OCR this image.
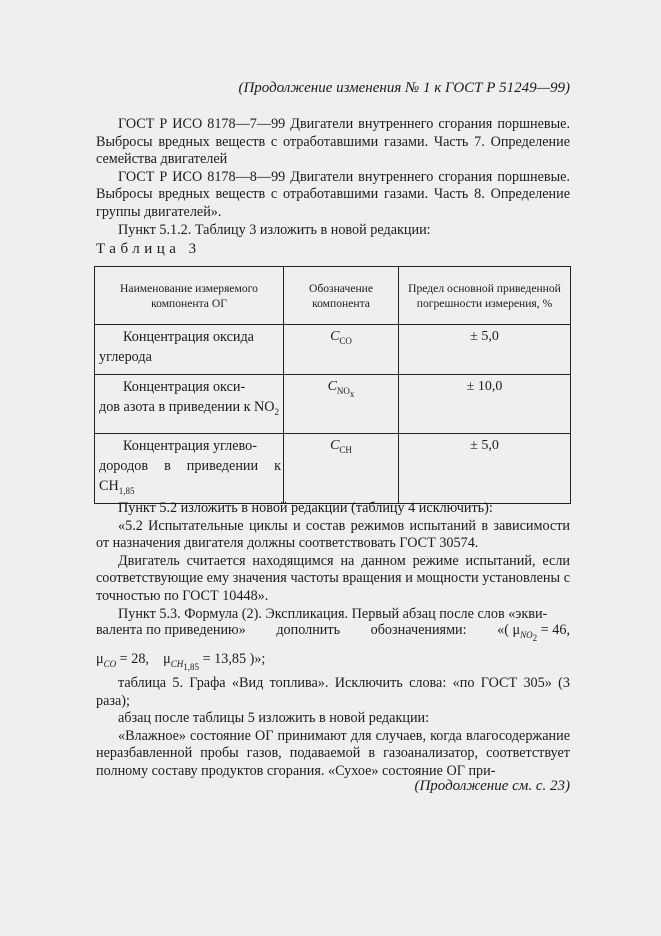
(Продолжение изменения № 1 к ГОСТ Р 51249—99)

ГОСТ Р ИСО 8178—7—99 Двигатели внутреннего сгорания поршневые. Выбросы вредных веществ с отработавшими газами. Часть 7. Определение семейства двигателей

ГОСТ Р ИСО 8178—8—99 Двигатели внутреннего сгорания поршневые. Выбросы вредных веществ с отработавшими газами. Часть 8. Определение группы двигателей».

Пункт 5.1.2. Таблицу 3 изложить в новой редакции:

Таблица 3
Наименование измеряемого компонента ОГ	Обозначение компонента	Предел основной приведенной погрешности измерения, %

Концентрация оксида
углерода	$C_{CO}$	± 5,0

Концентрация окси-
дов азота в приведении к $NO_2$	$C_{NO_x}$	± 10,0

Концентрация углево-
дородов в приведении к $CH_{1,85}$	$C_{CH}$	± 5,0

Пункт 5.2 изложить в новой редакции (таблицу 4 исключить):

«5.2 Испытательные циклы и состав режимов испытаний в зависимости от назначения двигателя должны соответствовать ГОСТ 30574.

Двигатель считается находящимся на данном режиме испытаний, если соответствующие ему значения частоты вращения и мощности установлены с точностью по ГОСТ 10448».

Пункт 5.3. Формула (2). Экспликация. Первый абзац после слов «экви-

валента по приведению» дополнить обозначениями: «( $\mu_{NO_2} = 46$,
$\mu_{CO} = 28$, $\mu_{CH_{1,85}} = 13,85$ )»;

таблица 5. Графа «Вид топлива». Исключить слова: «по ГОСТ 305» (3 раза);

абзац после таблицы 5 изложить в новой редакции:

«Влажное» состояние ОГ принимают для случаев, когда влагосодержание неразбавленной пробы газов, подаваемой в газоанализатор, соответствует полному составу продуктов сгорания. «Сухое» состояние ОГ при-

(Продолжение см. с. 23)
